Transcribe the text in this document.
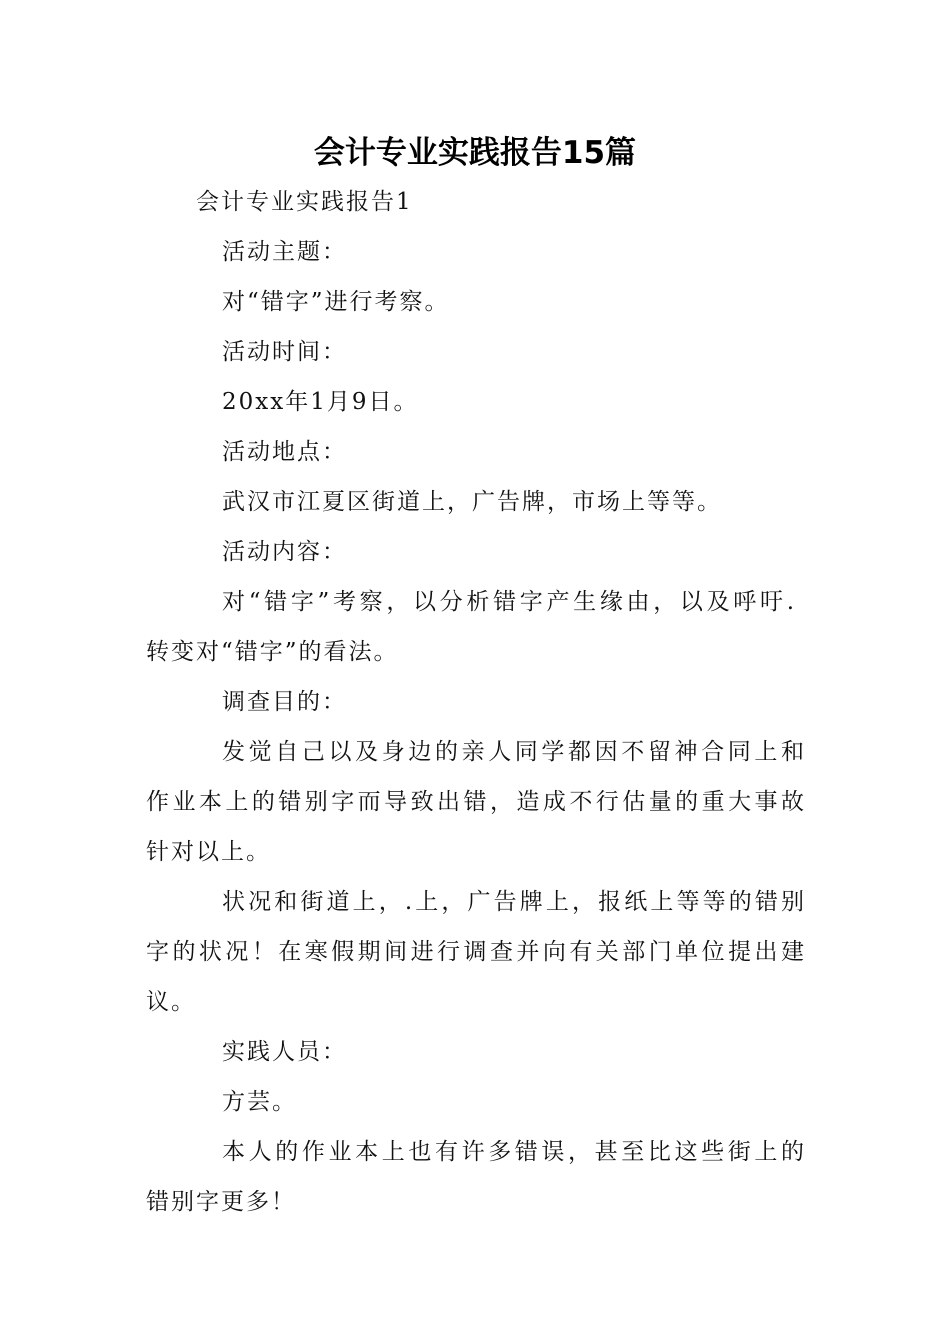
会计专业实践报告15篇
会计专业实践报告1
活动主题：
对“错字”进行考察。
活动时间：
20xx年1月9日。
活动地点：
武汉市江夏区街道上，广告牌，市场上等等。
活动内容：
对“错字”考察，以分析错字产生缘由，以及呼吁.
转变对“错字”的看法。
调查目的：
发觉自己以及身边的亲人同学都因不留神合同上和
作业本上的错别字而导致出错，造成不行估量的重大事故
针对以上。
状况和街道上，.上，广告牌上，报纸上等等的错别
字的状况！在寒假期间进行调查并向有关部门单位提出建
议。
实践人员：
方芸。
本人的作业本上也有许多错误，甚至比这些街上的
错别字更多！
